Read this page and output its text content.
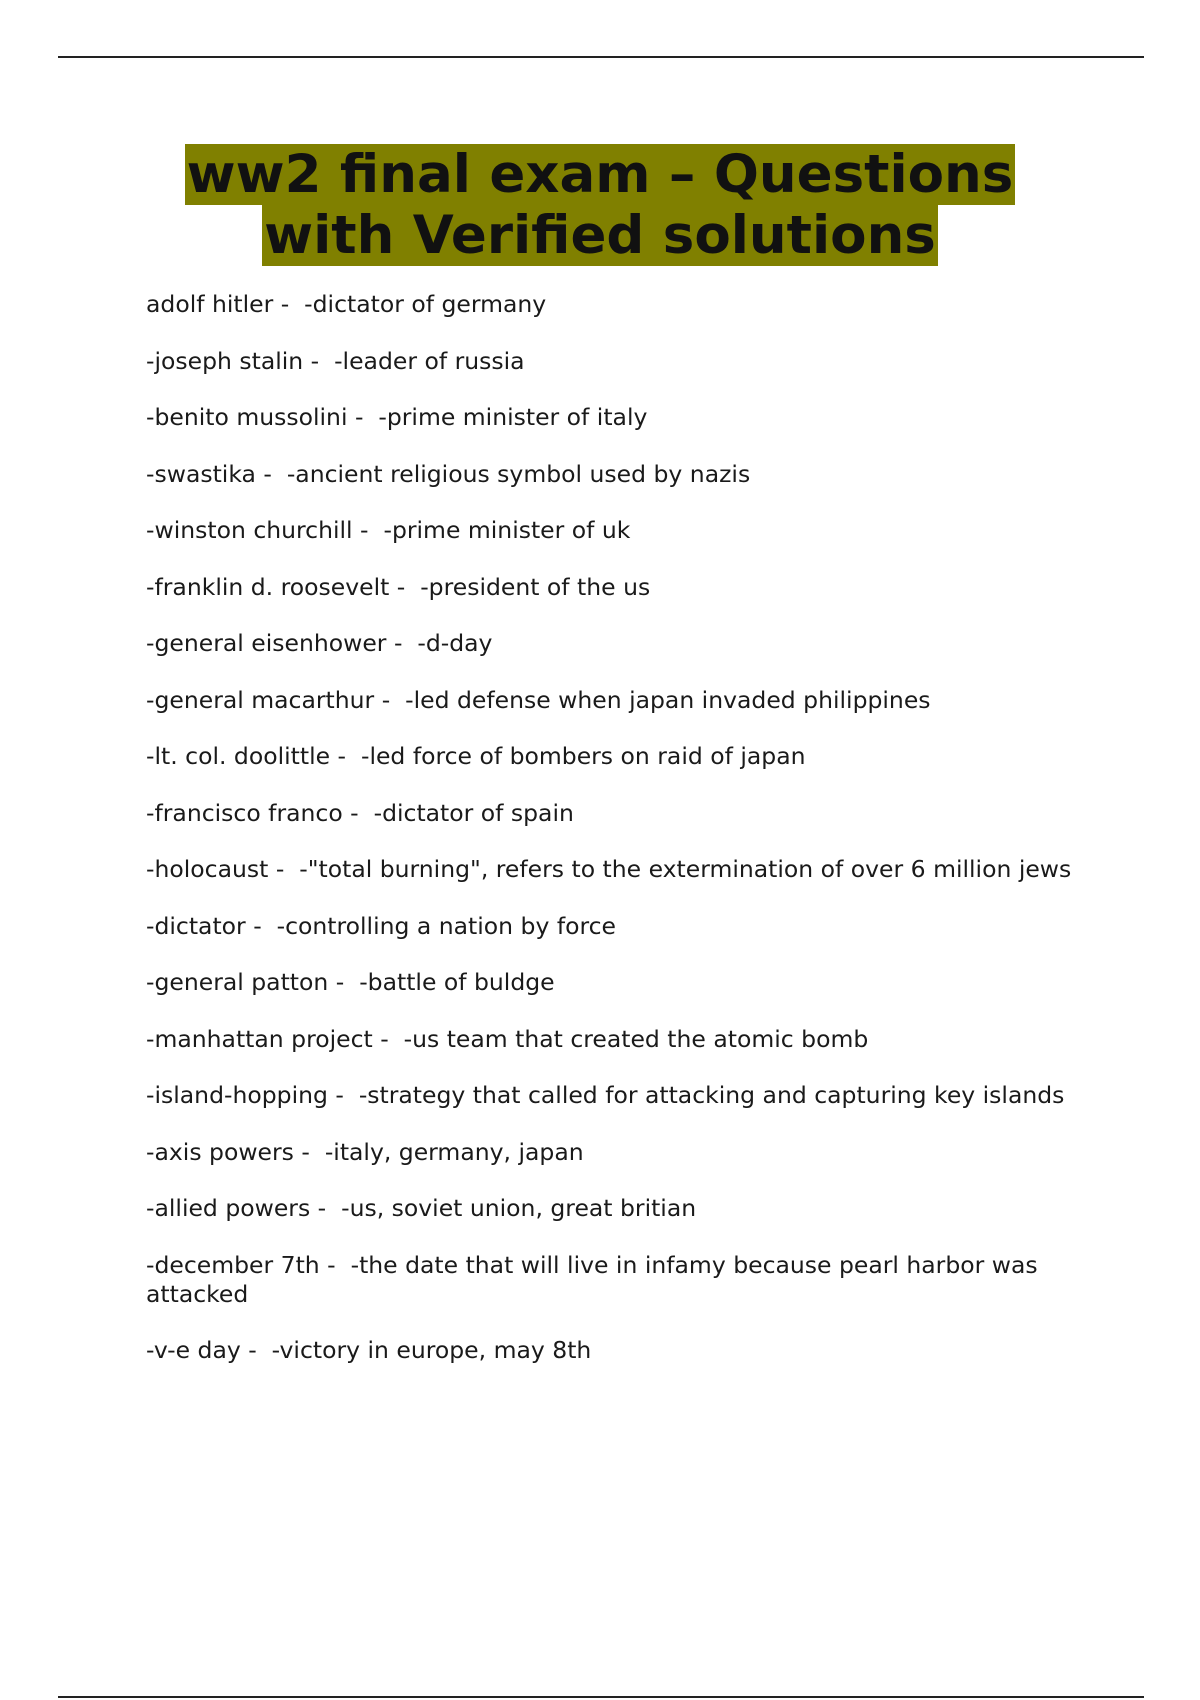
ww2 final exam – Questions
with Verified solutions

adolf hitler -  -dictator of germany

-joseph stalin -  -leader of russia

-benito mussolini -  -prime minister of italy

-swastika -  -ancient religious symbol used by nazis

-winston churchill -  -prime minister of uk

-franklin d. roosevelt -  -president of the us

-general eisenhower -  -d-day

-general macarthur -  -led defense when japan invaded philippines

-lt. col. doolittle -  -led force of bombers on raid of japan

-francisco franco -  -dictator of spain

-holocaust -  -"total burning", refers to the extermination of over 6 million jews

-dictator -  -controlling a nation by force

-general patton -  -battle of buldge

-manhattan project -  -us team that created the atomic bomb

-island-hopping -  -strategy that called for attacking and capturing key islands

-axis powers -  -italy, germany, japan

-allied powers -  -us, soviet union, great britian

-december 7th -  -the date that will live in infamy because pearl harbor was attacked

-v-e day -  -victory in europe, may 8th
